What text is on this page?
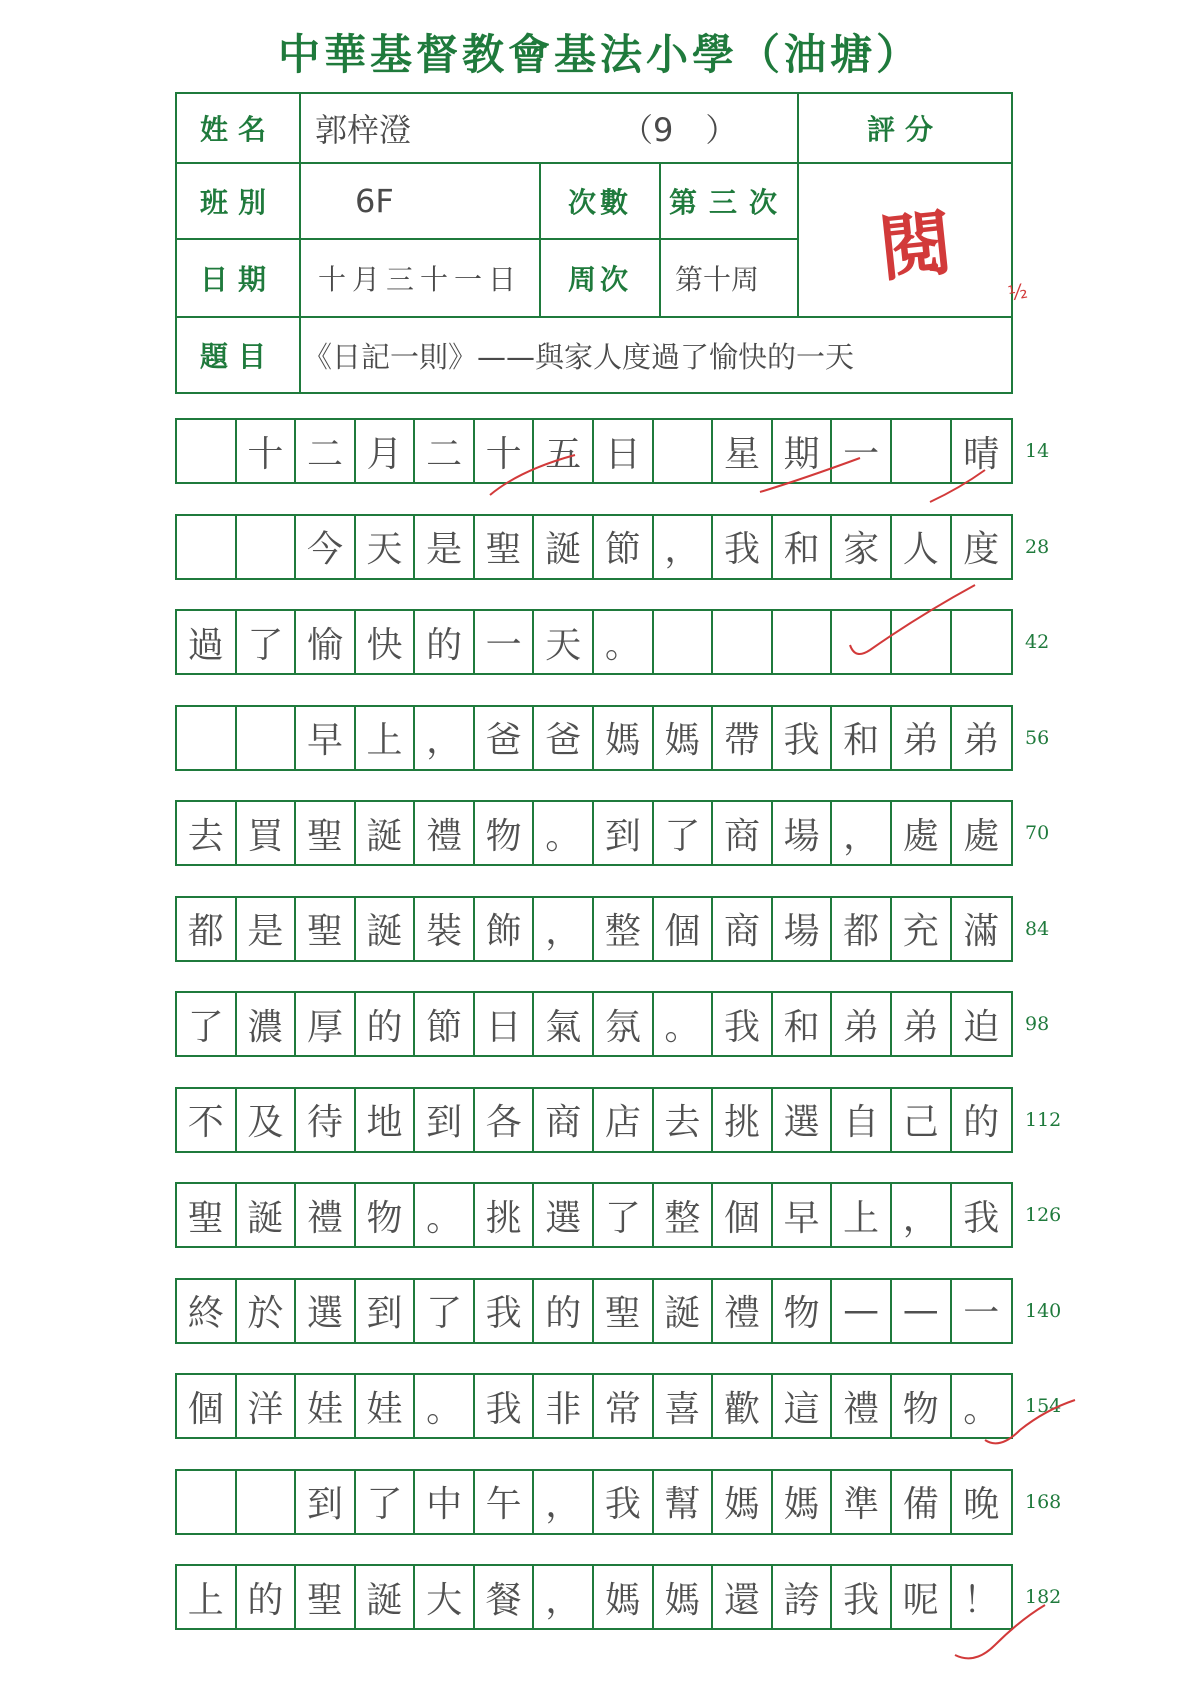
中華基督教會基法小學（油塘）
姓名 郭梓澄	（9　）	評分
班別 6F	次數 第三次 閱
日期 十月三十一日 周次 第十周
題目 《日記一則》——與家人度過了愉快的一天
½
十 二 月 二 十 五 日	星 期 一	晴	14
今 天 是 聖 誕 節 ， 我 和 家 人 度	28
過 了 愉 快 的 一 天 。	42
早 上 ， 爸 爸 媽 媽 帶 我 和 弟 弟	56
去 買 聖 誕 禮 物 。 到 了 商 場 ， 處 處	70
都 是 聖 誕 裝 飾 ， 整 個 商 場 都 充 滿	84
了 濃 厚 的 節 日 氣 氛 。 我 和 弟 弟 迫	98
不 及 待 地 到 各 商 店 去 挑 選 自 己 的	112
聖 誕 禮 物 。 挑 選 了 整 個 早 上 ， 我	126
終 於 選 到 了 我 的 聖 誕 禮 物 — — 一	140
個 洋 娃 娃 。 我 非 常 喜 歡 這 禮 物 。	154
到 了 中 午 ， 我 幫 媽 媽 準 備 晚	168
上 的 聖 誕 大 餐 ， 媽 媽 還 誇 我 呢 ！	182
